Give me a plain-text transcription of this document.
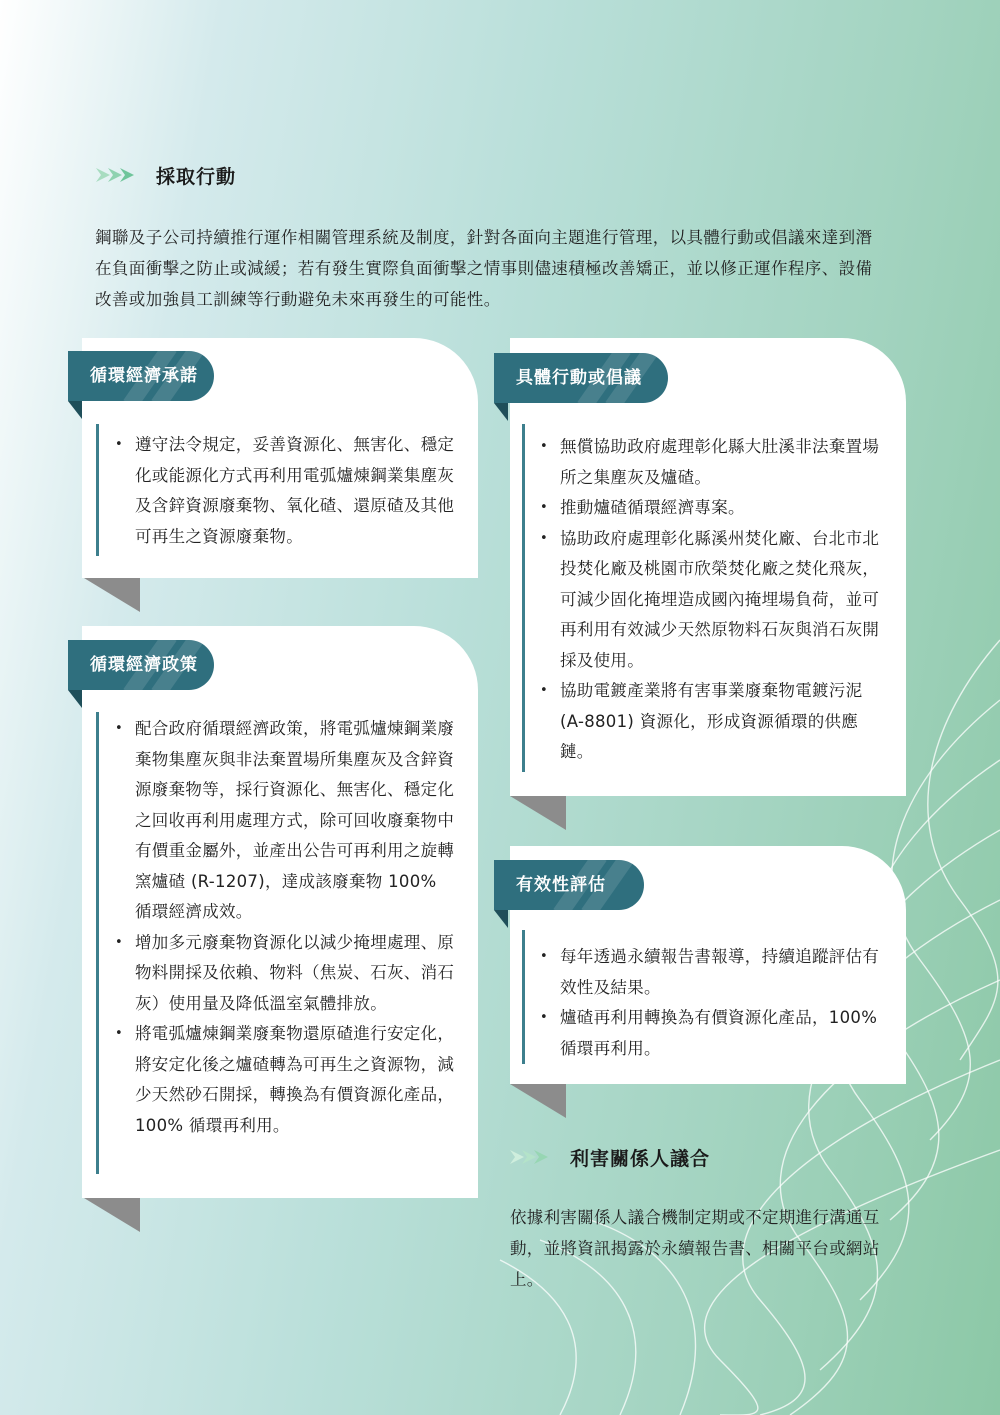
採取行動
鋼聯及子公司持續推行運作相關管理系統及制度，針對各面向主題進行管理，以具體行動或倡議來達到潛在負面衝擊之防止或減緩；若有發生實際負面衝擊之情事則儘速積極改善矯正，並以修正運作程序、設備改善或加強員工訓練等行動避免未來再發生的可能性。
循環經濟承諾
• 遵守法令規定，妥善資源化、無害化、穩定化或能源化方式再利用電弧爐煉鋼業集塵灰及含鋅資源廢棄物、氧化碴、還原碴及其他可再生之資源廢棄物。
循環經濟政策
• 配合政府循環經濟政策，將電弧爐煉鋼業廢棄物集塵灰與非法棄置場所集塵灰及含鋅資源廢棄物等，採行資源化、無害化、穩定化之回收再利用處理方式，除可回收廢棄物中有價重金屬外，並產出公告可再利用之旋轉窯爐碴 (R-1207)，達成該廢棄物 100% 循環經濟成效。
• 增加多元廢棄物資源化以減少掩埋處理、原物料開採及依賴、物料（焦炭、石灰、消石灰）使用量及降低溫室氣體排放。
• 將電弧爐煉鋼業廢棄物還原碴進行安定化，將安定化後之爐碴轉為可再生之資源物，減少天然砂石開採，轉換為有價資源化產品，100% 循環再利用。
具體行動或倡議
• 無償協助政府處理彰化縣大肚溪非法棄置場所之集塵灰及爐碴。
• 推動爐碴循環經濟專案。
• 協助政府處理彰化縣溪州焚化廠、台北市北投焚化廠及桃園市欣榮焚化廠之焚化飛灰，可減少固化掩埋造成國內掩埋場負荷，並可再利用有效減少天然原物料石灰與消石灰開採及使用。
• 協助電鍍產業將有害事業廢棄物電鍍污泥 (A-8801) 資源化，形成資源循環的供應鏈。
有效性評估
• 每年透過永續報告書報導，持續追蹤評估有效性及結果。
• 爐碴再利用轉換為有價資源化產品，100% 循環再利用。
利害關係人議合
依據利害關係人議合機制定期或不定期進行溝通互動，並將資訊揭露於永續報告書、相關平台或網站上。
